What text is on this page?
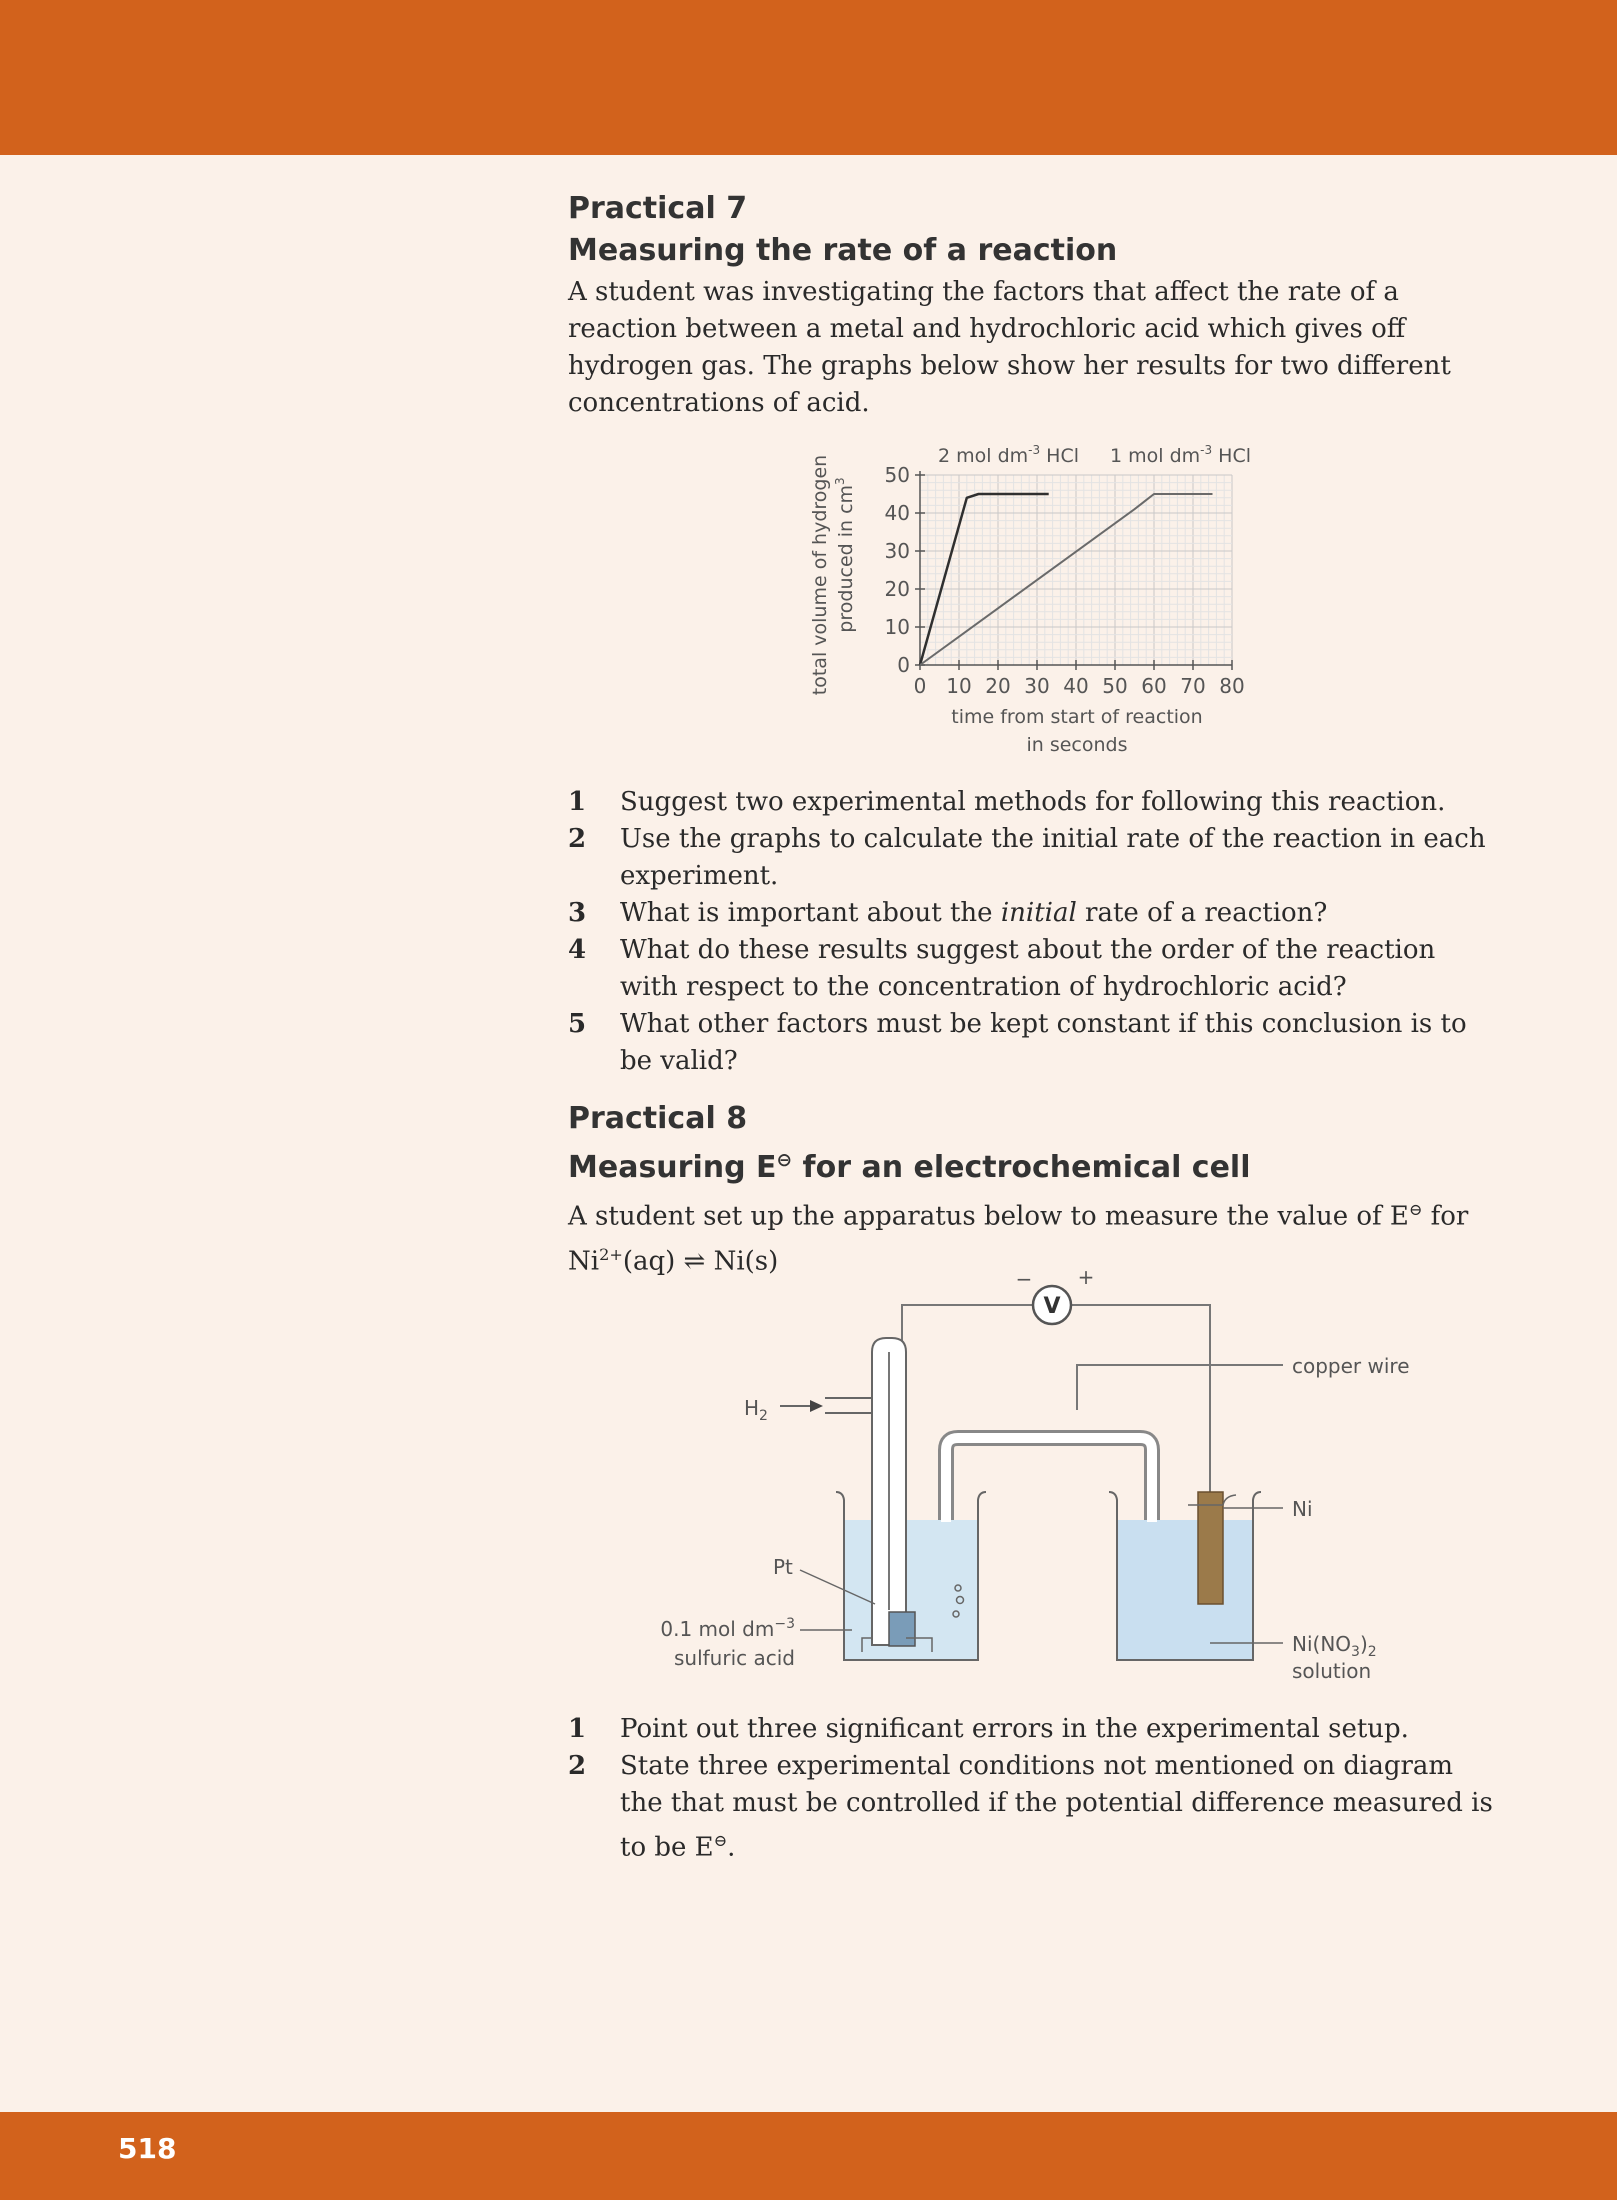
Practical 7

Measuring the rate of a reaction

A student was investigating the factors that affect the rate of a reaction between a metal and hydrochloric acid which gives off hydrogen gas. The graphs below show her results for two different concentrations of acid.

0 10 20 30 40 50 60 70 80
0
10
20
30
40
50
2 mol $dm^{-3}$ HCl 1 mol $dm^{-3}$ HCl
time from start of reaction
in seconds
total volume of hydrogen produced in $cm^3$
1 Suggest two experimental methods for following this reaction.
2 Use the graphs to calculate the initial rate of the reaction in each experiment.
3 What is important about the initial rate of a reaction?
4 What do these results suggest about the order of the reaction with respect to the concentration of hydrochloric acid?
5 What other factors must be kept constant if this conclusion is to be valid?

Practical 8

Measuring E⊖ for an electrochemical cell

A student set up the apparatus below to measure the value of E⊖ for
$Ni^{2+}(aq)$ ⇌ Ni(s)

V
− +
$H_2$
Pt
0.1 mol $dm^{-3}$
sulfuric acid
Ni
copper wire
$Ni(NO_3)_2$
solution
1 Point out three significant errors in the experimental setup.
2 State three experimental conditions not mentioned on diagram the that must be controlled if the potential difference measured is to be E⊖.
518
